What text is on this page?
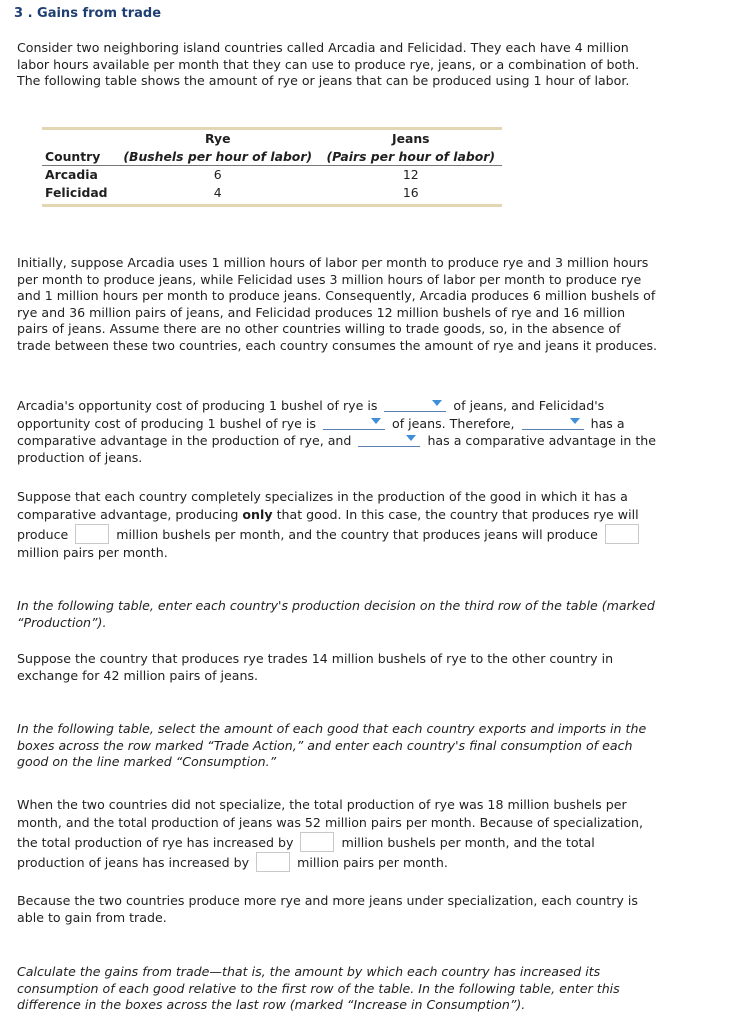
3 . Gains from trade

Consider two neighboring island countries called Arcadia and Felicidad. They each have 4 million labor hours available per month that they can use to produce rye, jeans, or a combination of both. The following table shows the amount of rye or jeans that can be produced using 1 hour of labor.

	Rye	Jeans
Country	(Bushels per hour of labor)	(Pairs per hour of labor)
Arcadia	6	12
Felicidad	4	16

Initially, suppose Arcadia uses 1 million hours of labor per month to produce rye and 3 million hours per month to produce jeans, while Felicidad uses 3 million hours of labor per month to produce rye and 1 million hours per month to produce jeans. Consequently, Arcadia produces 6 million bushels of rye and 36 million pairs of jeans, and Felicidad produces 12 million bushels of rye and 16 million pairs of jeans. Assume there are no other countries willing to trade goods, so, in the absence of trade between these two countries, each country consumes the amount of rye and jeans it produces.

Arcadia's opportunity cost of producing 1 bushel of rye is	of jeans, and Felicidad's opportunity cost of producing 1 bushel of rye is	of jeans. Therefore,	has a comparative advantage in the production of rye, and	has a comparative advantage in the production of jeans.

Suppose that each country completely specializes in the production of the good in which it has a comparative advantage, producing only that good. In this case, the country that produces rye will produce	million bushels per month, and the country that produces jeans will produce  million pairs per month.

In the following table, enter each country's production decision on the third row of the table (marked “Production”).

Suppose the country that produces rye trades 14 million bushels of rye to the other country in exchange for 42 million pairs of jeans.

In the following table, select the amount of each good that each country exports and imports in the boxes across the row marked “Trade Action,” and enter each country's final consumption of each good on the line marked “Consumption.”

When the two countries did not specialize, the total production of rye was 18 million bushels per month, and the total production of jeans was 52 million pairs per month. Because of specialization, the total production of rye has increased by	million bushels per month, and the total production of jeans has increased by	million pairs per month.

Because the two countries produce more rye and more jeans under specialization, each country is able to gain from trade.

Calculate the gains from trade—that is, the amount by which each country has increased its consumption of each good relative to the first row of the table. In the following table, enter this difference in the boxes across the last row (marked “Increase in Consumption”).
